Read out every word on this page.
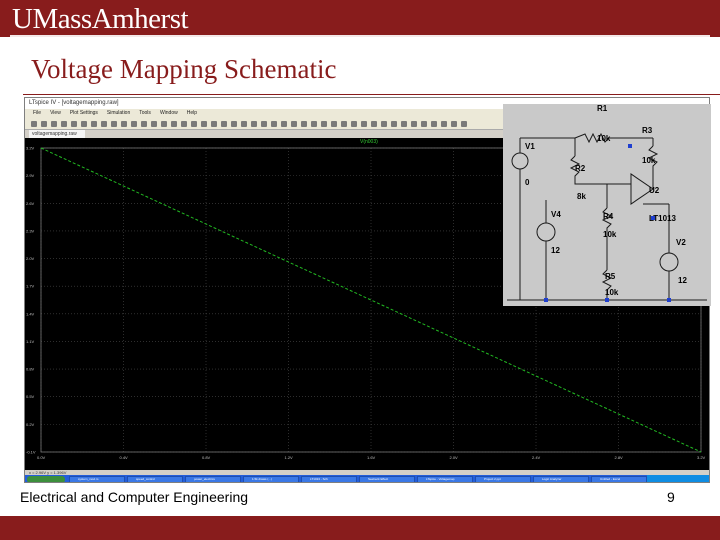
UMassAmherst
Voltage Mapping Schematic
LTspice IV - [voltagemapping.raw]
File View Plot Settings Simulation Tools Window Help
voltagemapping.raw
0.0V	0.4V	0.8V	1.2V	1.6V	2.0V	2.4V	2.8V	3.2V
3.2V
2.9V
2.6V
2.3V
2.0V
1.7V
1.4V
1.1V
0.8V
0.5V
0.2V
-0.1V
V(n003)
x = 2.96V y = 1.396V
system_mod.m	speed_control	power_electrics	1.5k draws (...)	LT1013 - Sch	Seebeck Effect	LTspice - Voltagemap	Project 2.ppt	Logic Analyzer	Untitled - Excel
R1
10k
R3
10k
V1
0
R2
8k
U2
LT1013
V4
12
R4
10k
V2
12
R5
10k
Electrical and Computer Engineering	9
